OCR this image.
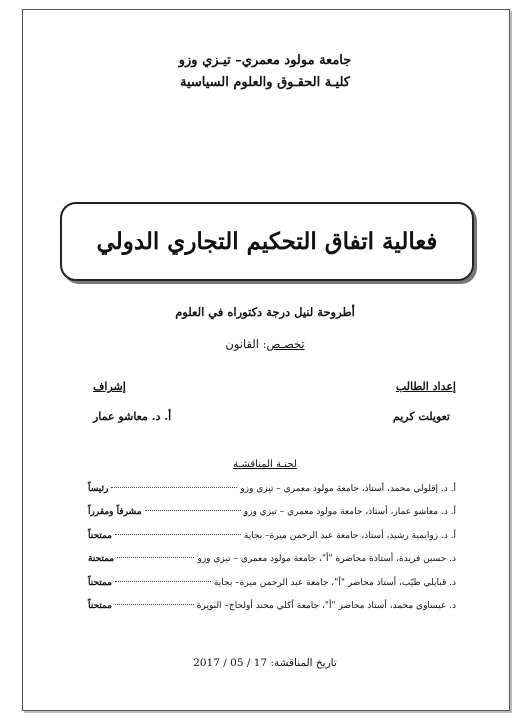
جامعة مولود معمري– تيـزي وزو
كليـة الحقـوق والعلوم السياسية
فعالية اتفاق التحكيم التجاري الدولي
أطروحة لنيل درجة دكتوراه في العلوم
تخصـص: القانون
إعداد الطالب
تعويلت كريم
إشراف
أ. د. معاشو عمار
لجنـة المناقشـة
أ. د. إقلولي محمد، أستاذ، جامعة مولود معمري – تيزي وزو
رئيساً
أ. د. معاشو عمار، أستاذ، جامعة مولود معمري – تيزي وزو
مشرفاً ومقرراً
أ. د. زوايمية رشيد، أستاذ، جامعة عبد الرحمن ميرة– بجاية
ممتحناً
د. حسين فريدة، أستاذة محاضرة "أ"، جامعة مولود معمري – تيزي وزو
ممتحنة
د. قبايلي طيّب، أستاذ محاضر "أ"، جامعة عبد الرحمن ميرة– بجاية
ممتحناً
د. عيساوي محمد، أستاذ محاضر "أ"، جامعة أكلي محند أولحاج– البويرة
ممتحناً
تاريخ المناقشة: 17 / 05 / 2017
